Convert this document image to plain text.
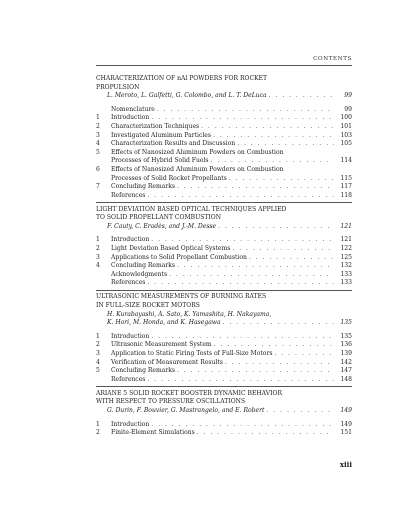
CONTENTS
CHARACTERIZATION OF nAl POWDERS FOR ROCKET
PROPULSION
L. Meroto, L. Galfetti, G. Colombo, and L. T. DeLuca . . .	99
Nomenclature . . .	99
1	Introduction . . .	100
2	Characterization Techniques . . .	101
3	Investigated Aluminum Particles . . .	103
4	Characterization Results and Discussion . . .	105
5	Effects of Nanosized Aluminum Powders on Combustion
Processes of Hybrid Solid Fuels . . .	114
6	Effects of Nanosized Aluminum Powders on Combustion
Processes of Solid Rocket Propellants . . .	115
7	Concluding Remarks . . .	117
References . . .	118
LIGHT DEVIATION BASED OPTICAL TECHNIQUES APPLIED
TO SOLID PROPELLANT COMBUSTION
F. Cauty, C. Eradès, and J.-M. Desse . . .	121
1	Introduction . . .	121
2	Light Deviation Based Optical Systems . . .	122
3	Applications to Solid Propellant Combustion . . .	125
4	Concluding Remarks . . .	132
Acknowledgments . . .	133
References . . .	133
ULTRASONIC MEASUREMENTS OF BURNING RATES
IN FULL-SIZE ROCKET MOTORS
H. Kurabayashi, A. Sato, K. Yamashita, H. Nakayama,
K. Hori, M. Honda, and K. Hasegawa . . .	135
1	Introduction . . .	135
2	Ultrasonic Measurement System . . .	136
3	Application to Static Firing Tests of Full-Size Motors . . .	139
4	Verification of Measurement Results . . .	142
5	Concluding Remarks . . .	147
References . . .	148
ARIANE 5 SOLID ROCKET BOOSTER DYNAMIC BEHAVIOR
WITH RESPECT TO PRESSURE OSCILLATIONS
G. Durin, F. Bouvier, G. Mastrangelo, and E. Robert . . .	149
1	Introduction . . .	149
2	Finite-Element Simulations . . .	151
xiii
